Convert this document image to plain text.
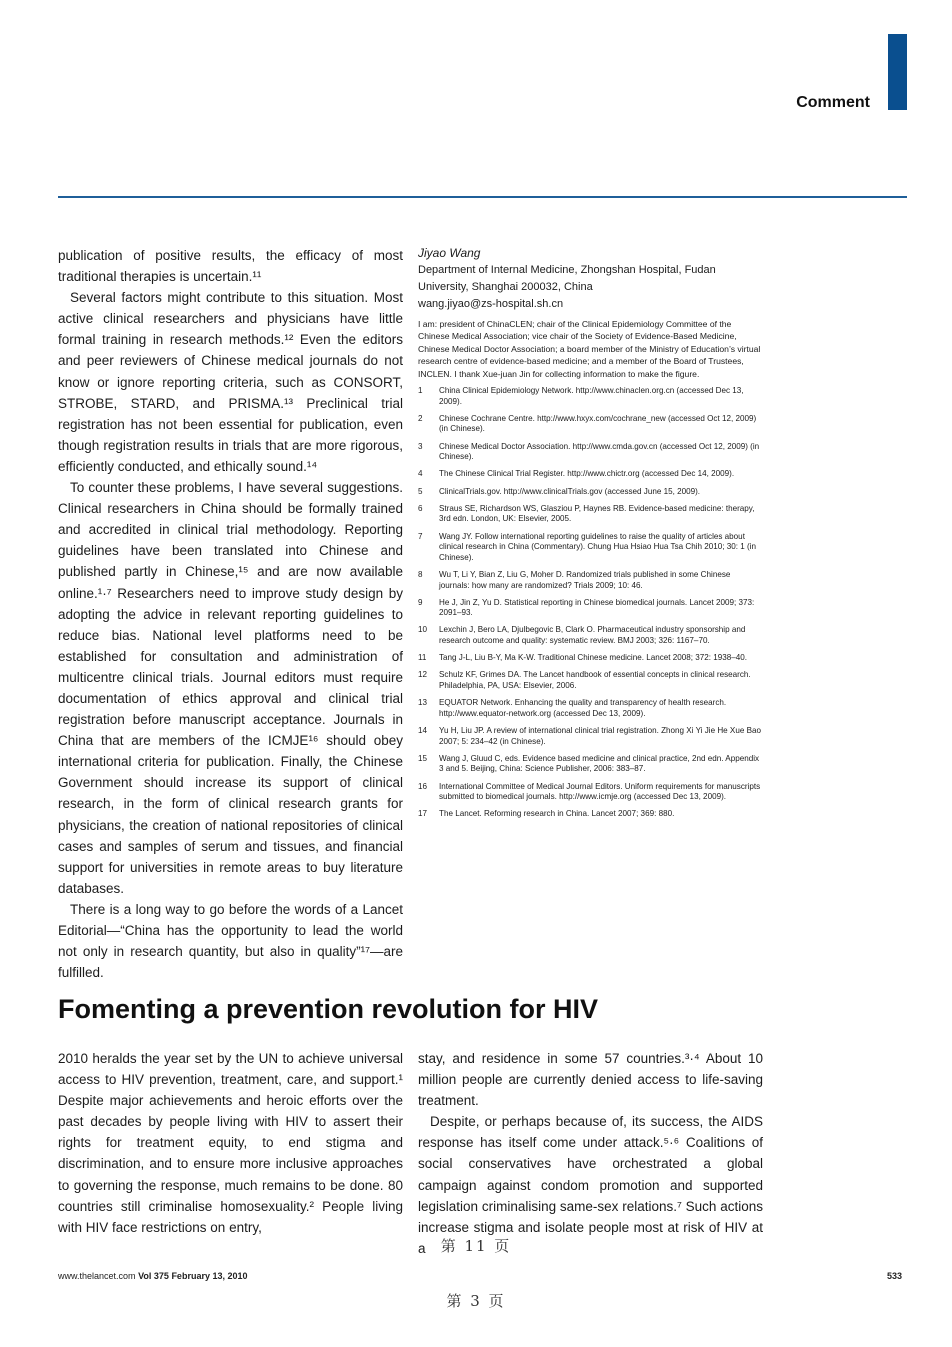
Comment

publication of positive results, the efficacy of most traditional therapies is uncertain.¹¹

Several factors might contribute to this situation. Most active clinical researchers and physicians have little formal training in research methods.¹² Even the editors and peer reviewers of Chinese medical journals do not know or ignore reporting criteria, such as CONSORT, STROBE, STARD, and PRISMA.¹³ Preclinical trial registration has not been essential for publication, even though registration results in trials that are more rigorous, efficiently conducted, and ethically sound.¹⁴

To counter these problems, I have several suggestions. Clinical researchers in China should be formally trained and accredited in clinical trial methodology. Reporting guidelines have been translated into Chinese and published partly in Chinese,¹⁵ and are now available online.¹·⁷ Researchers need to improve study design by adopting the advice in relevant reporting guidelines to reduce bias. National level platforms need to be established for consultation and administration of multicentre clinical trials. Journal editors must require documentation of ethics approval and clinical trial registration before manuscript acceptance. Journals in China that are members of the ICMJE¹⁶ should obey international criteria for publication. Finally, the Chinese Government should increase its support of clinical research, in the form of clinical research grants for physicians, the creation of national repositories of clinical cases and samples of serum and tissues, and financial support for universities in remote areas to buy literature databases.

There is a long way to go before the words of a Lancet Editorial—“China has the opportunity to lead the world not only in research quantity, but also in quality”¹⁷—are fulfilled.

Jiyao Wang
Department of Internal Medicine, Zhongshan Hospital, Fudan University, Shanghai 200032, China
wang.jiyao@zs-hospital.sh.cn
I am: president of ChinaCLEN; chair of the Clinical Epidemiology Committee of the Chinese Medical Association; vice chair of the Society of Evidence-Based Medicine, Chinese Medical Doctor Association; a board member of the Ministry of Education’s virtual research centre of evidence-based medicine; and a member of the Board of Trustees, INCLEN. I thank Xue-juan Jin for collecting information to make the figure.
1	China Clinical Epidemiology Network. http://www.chinaclen.org.cn (accessed Dec 13, 2009).
2	Chinese Cochrane Centre. http://www.hxyx.com/cochrane_new (accessed Oct 12, 2009) (in Chinese).
3	Chinese Medical Doctor Association. http://www.cmda.gov.cn (accessed Oct 12, 2009) (in Chinese).
4	The Chinese Clinical Trial Register. http://www.chictr.org (accessed Dec 14, 2009).
5	ClinicalTrials.gov. http://www.clinicalTrials.gov (accessed June 15, 2009).
6	Straus SE, Richardson WS, Glasziou P, Haynes RB. Evidence-based medicine: therapy, 3rd edn. London, UK: Elsevier, 2005.
7	Wang JY. Follow international reporting guidelines to raise the quality of articles about clinical research in China (Commentary). Chung Hua Hsiao Hua Tsa Chih 2010; 30: 1 (in Chinese).
8	Wu T, Li Y, Bian Z, Liu G, Moher D. Randomized trials published in some Chinese journals: how many are randomized? Trials 2009; 10: 46.
9	He J, Jin Z, Yu D. Statistical reporting in Chinese biomedical journals. Lancet 2009; 373: 2091–93.
10	Lexchin J, Bero LA, Djulbegovic B, Clark O. Pharmaceutical industry sponsorship and research outcome and quality: systematic review. BMJ 2003; 326: 1167–70.
11	Tang J-L, Liu B-Y, Ma K-W. Traditional Chinese medicine. Lancet 2008; 372: 1938–40.
12	Schulz KF, Grimes DA. The Lancet handbook of essential concepts in clinical research. Philadelphia, PA, USA: Elsevier, 2006.
13	EQUATOR Network. Enhancing the quality and transparency of health research. http://www.equator-network.org (accessed Dec 13, 2009).
14	Yu H, Liu JP. A review of international clinical trial registration. Zhong Xi Yi Jie He Xue Bao 2007; 5: 234–42 (in Chinese).
15	Wang J, Gluud C, eds. Evidence based medicine and clinical practice, 2nd edn. Appendix 3 and 5. Beijing, China: Science Publisher, 2006: 383–87.
16	International Committee of Medical Journal Editors. Uniform requirements for manuscripts submitted to biomedical journals. http://www.icmje.org (accessed Dec 13, 2009).
17	The Lancet. Reforming research in China. Lancet 2007; 369: 880.
Fomenting a prevention revolution for HIV

2010 heralds the year set by the UN to achieve universal access to HIV prevention, treatment, care, and support.¹ Despite major achievements and heroic efforts over the past decades by people living with HIV to assert their rights for treatment equity, to end stigma and discrimination, and to ensure more inclusive approaches to governing the response, much remains to be done. 80 countries still criminalise homosexuality.² People living with HIV face restrictions on entry,

stay, and residence in some 57 countries.³·⁴ About 10 million people are currently denied access to life-saving treatment.

Despite, or perhaps because of, its success, the AIDS response has itself come under attack.⁵·⁶ Coalitions of social conservatives have orchestrated a global campaign against condom promotion and supported legislation criminalising same-sex relations.⁷ Such actions increase stigma and isolate people most at risk of HIV at a	第 11 页
www.thelancet.com Vol 375 February 13, 2010	533
第 3 页
